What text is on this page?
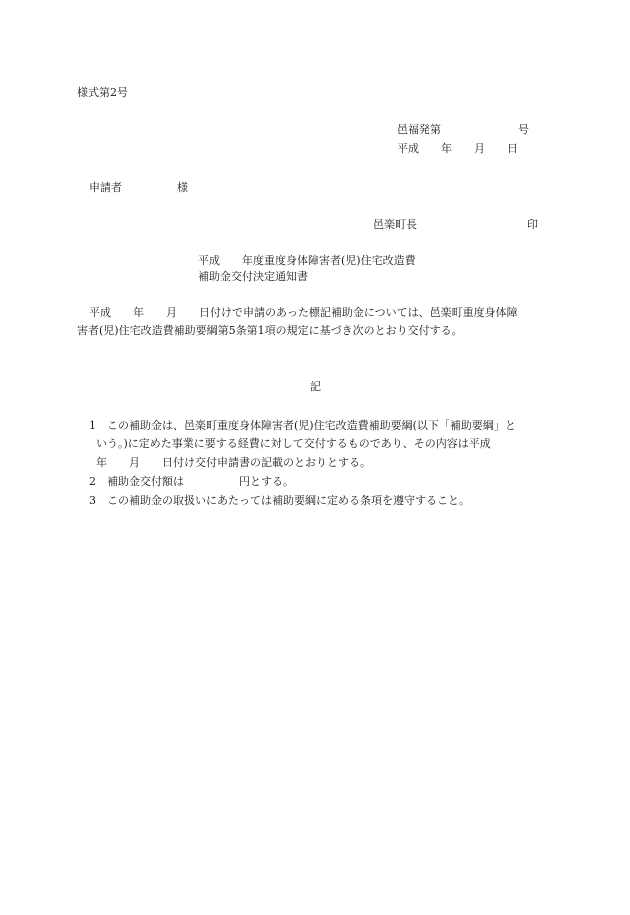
様式第2号
邑福発第　　　　　　　号
平成　　年　　月　　日
申請者　　　　　様
邑楽町長　　　　　　　　　　印
平成　　年度重度身体障害者(児)住宅改造費
補助金交付決定通知書
平成　　年　　月　　日付けで申請のあった標記補助金については、邑楽町重度身体障
害者(児)住宅改造費補助要綱第5条第1項の規定に基づき次のとおり交付する。
記
1　この補助金は、邑楽町重度身体障害者(児)住宅改造費補助要綱(以下「補助要綱」と
いう。)に定めた事業に要する経費に対して交付するものであり、その内容は平成
年　　月　　日付け交付申請書の記載のとおりとする。
2　補助金交付額は　　　　　円とする。
3　この補助金の取扱いにあたっては補助要綱に定める条項を遵守すること。
